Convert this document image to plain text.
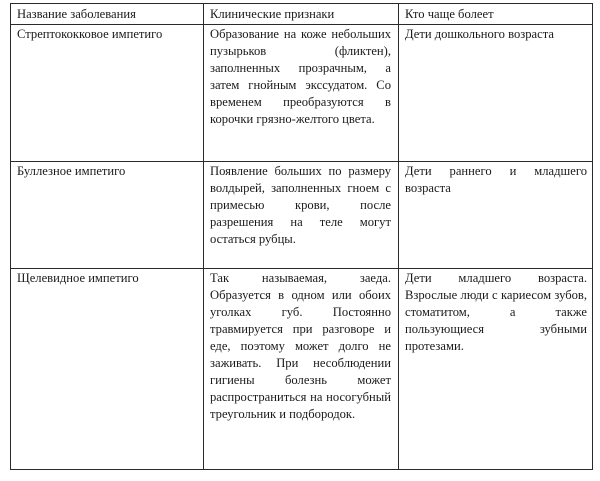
Название заболевания	Клинические признаки	Кто чаще болеет
Стрептококковое импетиго	Образование на коже небольших пузырьков (фликтен), заполненных прозрачным, а затем гнойным экссудатом. Со временем преобразуются в корочки грязно-желтого цвета.	Дети дошкольного возраста
Буллезное импетиго	Появление больших по размеру волдырей, заполненных гноем с примесью крови, после разрешения на теле могут остаться рубцы.	Дети раннего и младшего возраста
Щелевидное импетиго	Так называемая, заеда. Образуется в одном или обоих уголках губ. Постоянно травмируется при разговоре и еде, поэтому может долго не заживать. При несоблюдении гигиены болезнь может распространиться на носогубный треугольник и подбородок.	Дети младшего возраста. Взрослые люди с кариесом зубов, стоматитом, а также пользующиеся зубными протезами.
